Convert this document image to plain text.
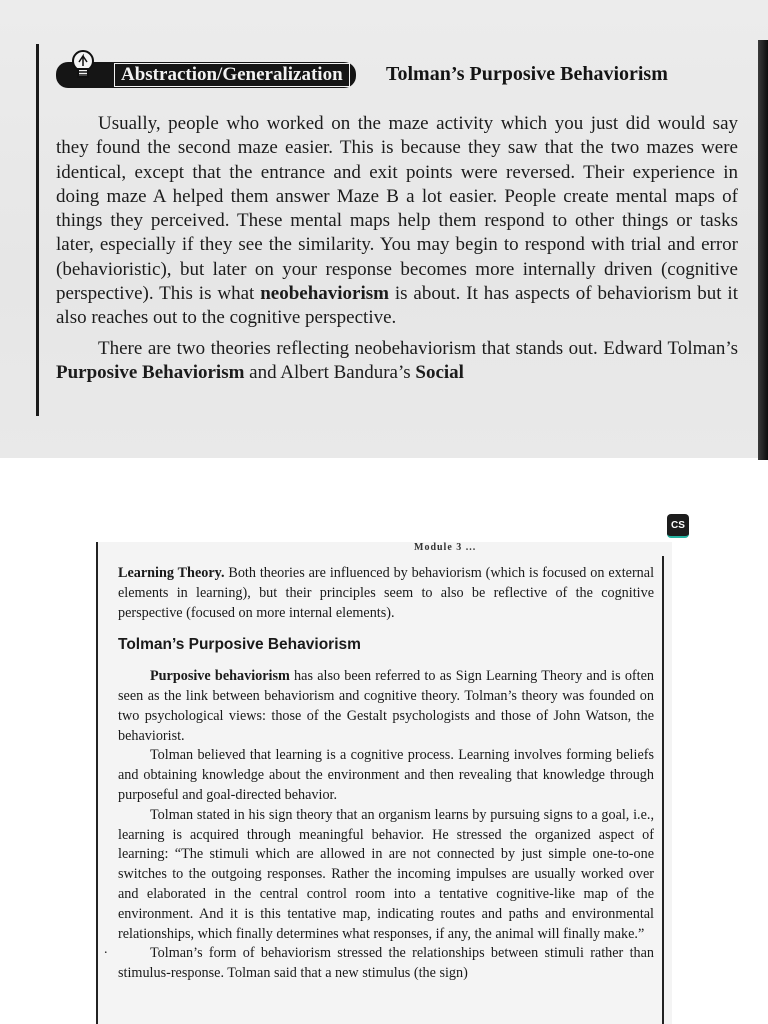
Abstraction/Generalization	Tolman’s Purposive Behaviorism

Usually, people who worked on the maze activity which you just did would say they found the second maze easier. This is because they saw that the two mazes were identical, except that the entrance and exit points were reversed. Their experience in doing maze A helped them answer Maze B a lot easier. People create mental maps of things they perceived. These mental maps help them respond to other things or tasks later, especially if they see the similarity. You may begin to respond with trial and error (behavioristic), but later on your response becomes more internally driven (cognitive perspective). This is what neobehaviorism is about. It has aspects of behaviorism but it also reaches out to the cognitive perspective.

There are two theories reflecting neobehaviorism that stands out. Edward Tolman’s Purposive Behaviorism and Albert Bandura’s Social

CS
Module 3 ...

Learning Theory. Both theories are influenced by behaviorism (which is focused on external elements in learning), but their principles seem to also be reflective of the cognitive perspective (focused on more internal elements).

Tolman’s Purposive Behaviorism

Purposive behaviorism has also been referred to as Sign Learning Theory and is often seen as the link between behaviorism and cognitive theory. Tolman’s theory was founded on two psychological views: those of the Gestalt psychologists and those of John Watson, the behaviorist.

Tolman believed that learning is a cognitive process. Learning involves forming beliefs and obtaining knowledge about the environment and then revealing that knowledge through purposeful and goal-directed behavior.

Tolman stated in his sign theory that an organism learns by pursuing signs to a goal, i.e., learning is acquired through meaningful behavior. He stressed the organized aspect of learning: “The stimuli which are allowed in are not connected by just simple one-to-one switches to the outgoing responses. Rather the incoming impulses are usually worked over and elaborated in the central control room into a tentative cognitive-like map of the environment. And it is this tentative map, indicating routes and paths and environmental relationships, which finally determines what responses, if any, the animal will finally make.”

Tolman’s form of behaviorism stressed the relationships between stimuli rather than stimulus-response. Tolman said that a new stimulus (the sign)

.
